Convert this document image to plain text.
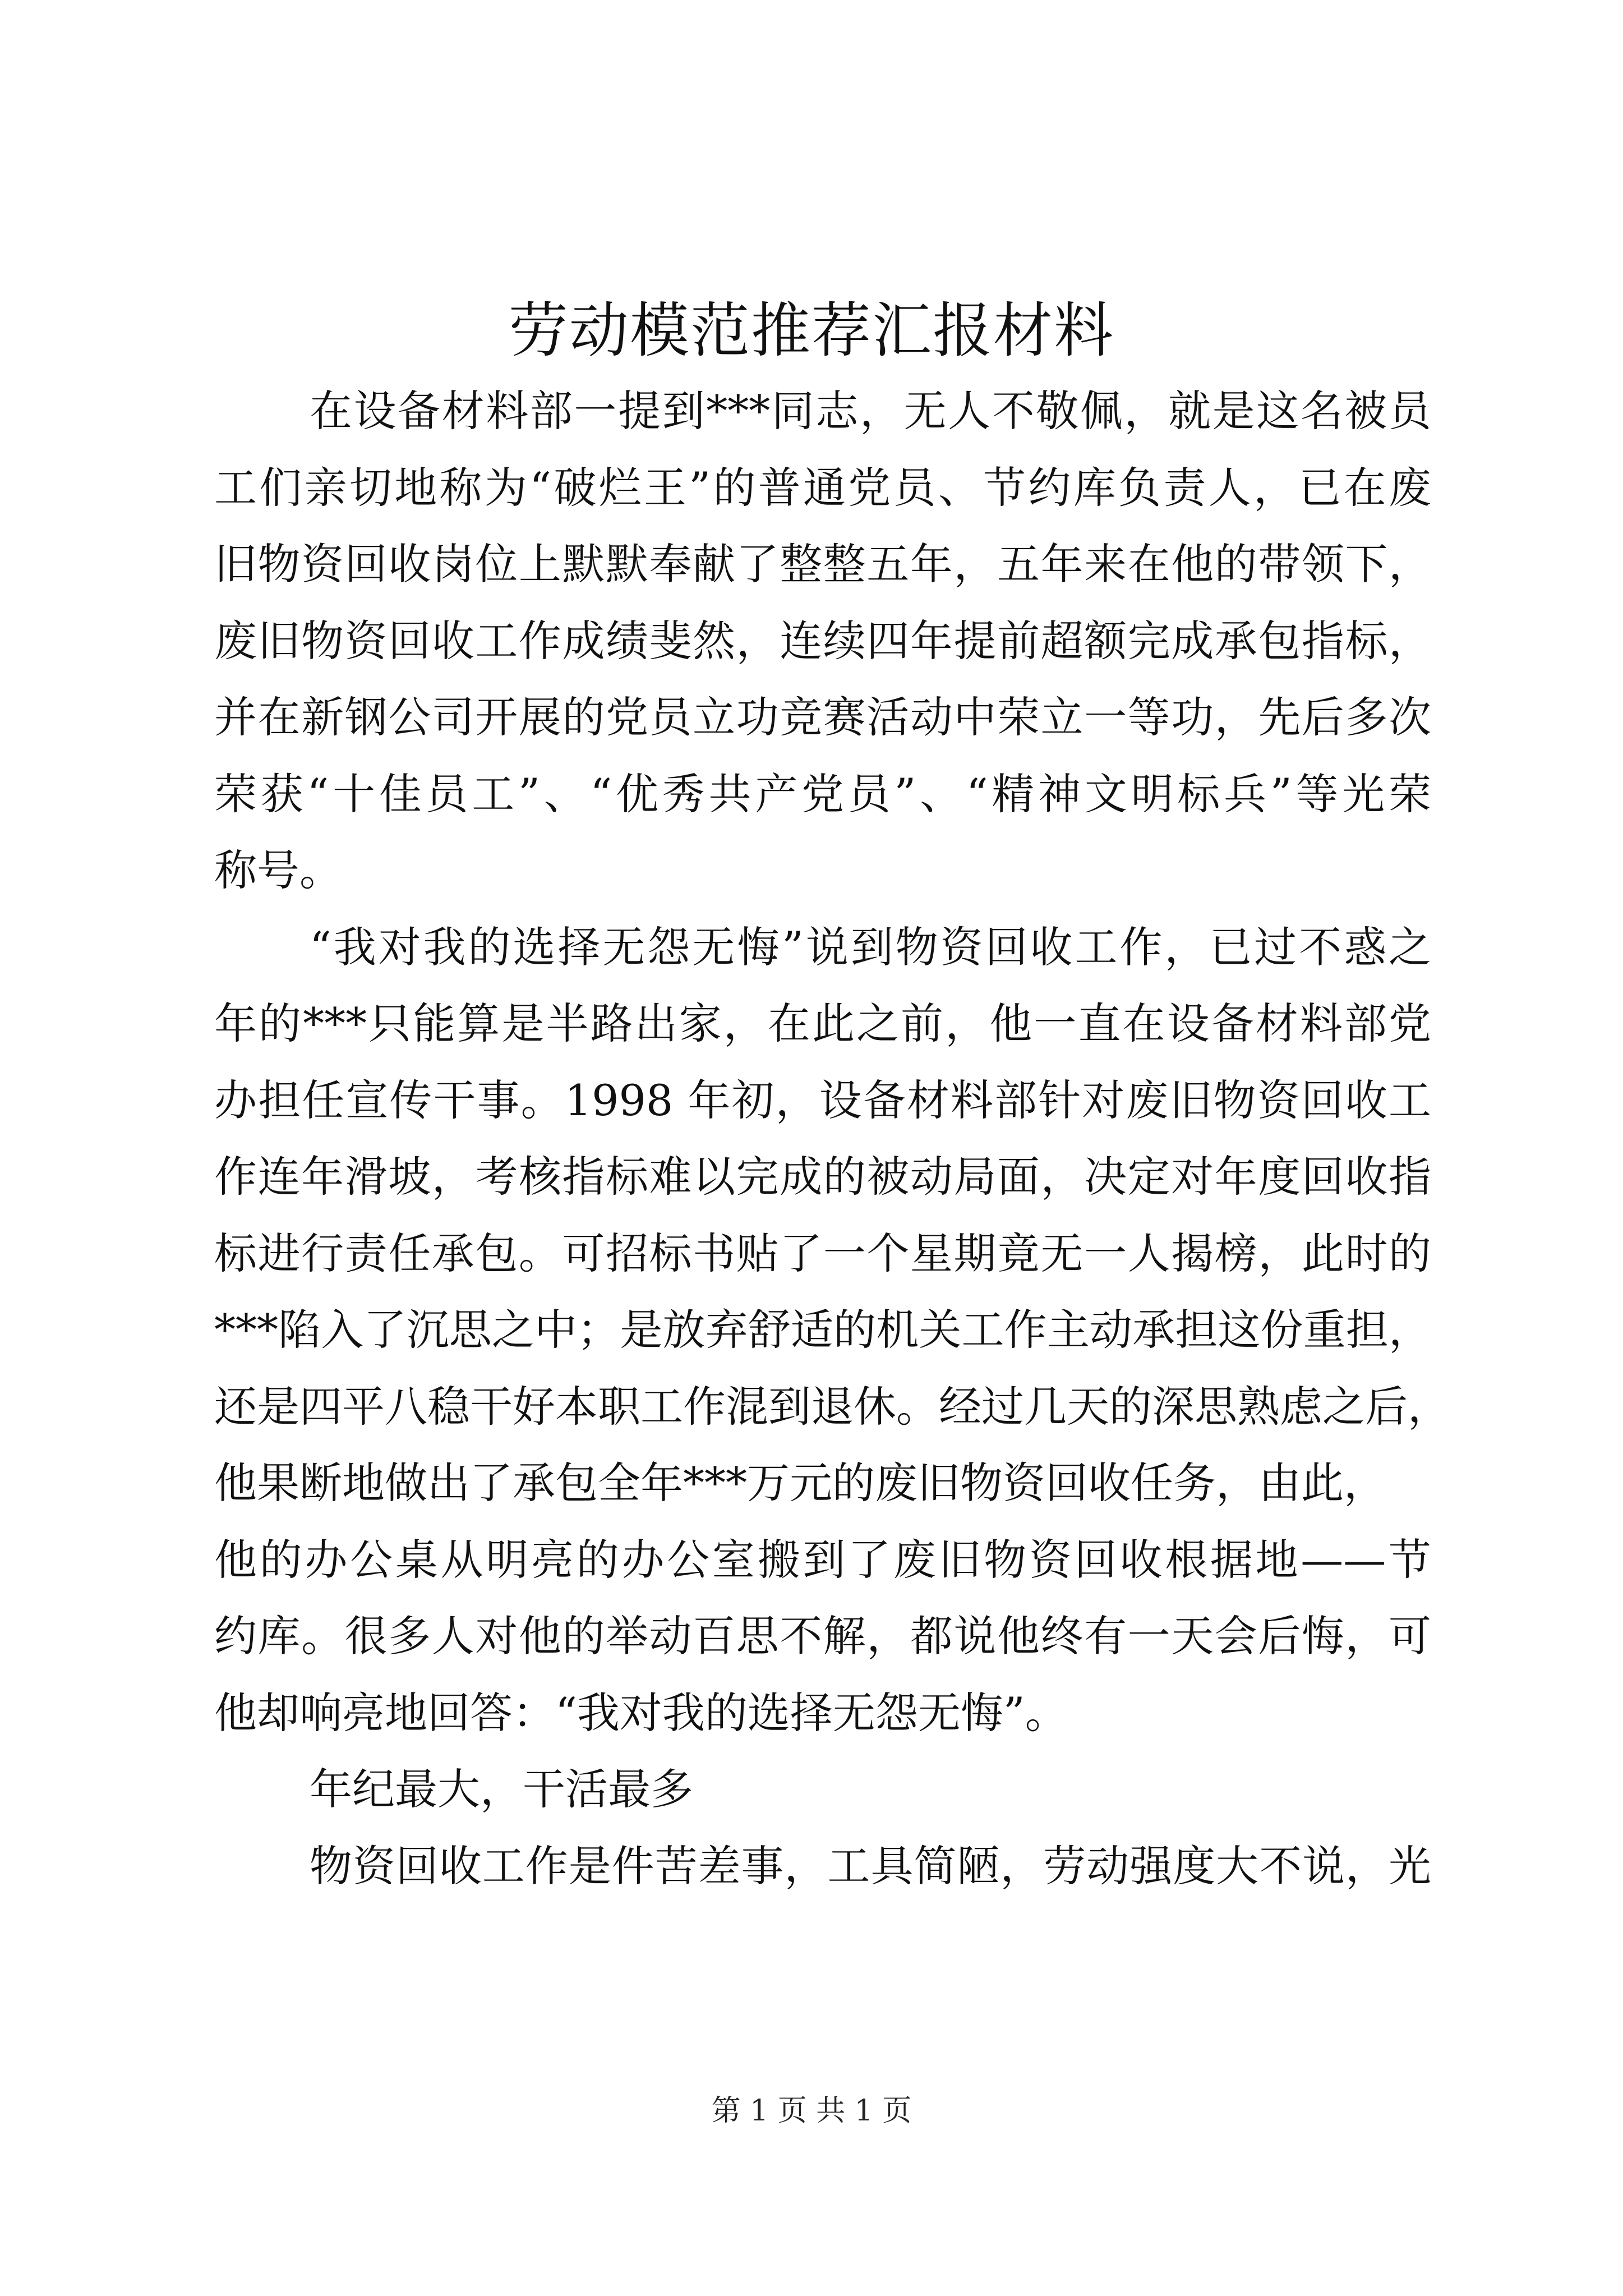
劳动模范推荐汇报材料
在设备材料部一提到***同志，无人不敬佩，就是这名被员
工们亲切地称为“破烂王”的普通党员、节约库负责人，已在废
旧物资回收岗位上默默奉献了整整五年，五年来在他的带领下，
废旧物资回收工作成绩斐然，连续四年提前超额完成承包指标，
并在新钢公司开展的党员立功竞赛活动中荣立一等功，先后多次
荣获“十佳员工”、“优秀共产党员”、“精神文明标兵”等光荣
称号。
“我对我的选择无怨无悔”说到物资回收工作，已过不惑之
年的***只能算是半路出家，在此之前，他一直在设备材料部党
办担任宣传干事。1998 年初，设备材料部针对废旧物资回收工
作连年滑坡，考核指标难以完成的被动局面，决定对年度回收指
标进行责任承包。可招标书贴了一个星期竟无一人揭榜，此时的
***陷入了沉思之中；是放弃舒适的机关工作主动承担这份重担，
还是四平八稳干好本职工作混到退休。经过几天的深思熟虑之后，
他果断地做出了承包全年***万元的废旧物资回收任务，由此，
他的办公桌从明亮的办公室搬到了废旧物资回收根据地——节
约库。很多人对他的举动百思不解，都说他终有一天会后悔，可
他却响亮地回答：“我对我的选择无怨无悔”。
年纪最大，干活最多
物资回收工作是件苦差事，工具简陋，劳动强度大不说，光
第 1 页 共 1 页
